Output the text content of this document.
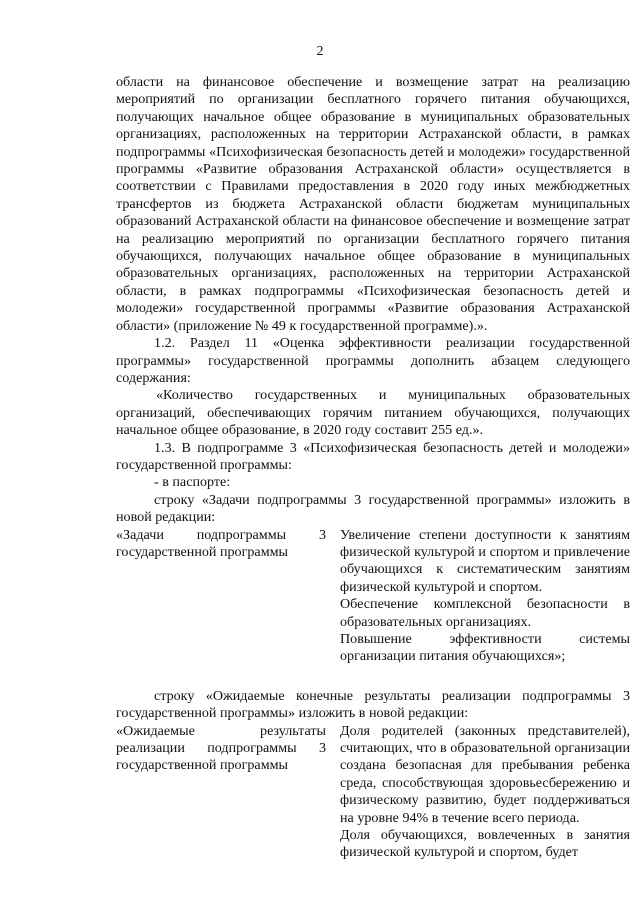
2

области на финансовое обеспечение и возмещение затрат на реализацию мероприятий по организации бесплатного горячего питания обучающихся, получающих начальное общее образование в муниципальных образовательных организациях, расположенных на территории Астраханской области, в рамках подпрограммы «Психофизическая безопасность детей и молодежи» государственной программы «Развитие образования Астраханской области» осуществляется в соответствии с Правилами предоставления в 2020 году иных межбюджетных трансфертов из бюджета Астраханской области бюджетам муниципальных образований Астраханской области на финансовое обеспечение и возмещение затрат на реализацию мероприятий по организации бесплатного горячего питания обучающихся, получающих начальное общее образование в муниципальных образовательных организациях, расположенных на территории Астраханской области, в рамках подпрограммы «Психофизическая безопасность детей и молодежи» государственной программы «Развитие образования Астраханской области» (приложение № 49 к государственной программе).».

1.2. Раздел 11 «Оценка эффективности реализации государственной программы» государственной программы дополнить абзацем следующего содержания:

«Количество государственных и муниципальных образовательных организаций, обеспечивающих горячим питанием обучающихся, получающих начальное общее образование, в 2020 году составит 255 ед.».

1.3. В подпрограмме 3 «Психофизическая безопасность детей и молодежи» государственной программы:

- в паспорте:

строку «Задачи подпрограммы 3 государственной программы» изложить в новой редакции:

«Задачи подпрограммы 3 государственной программы

Увеличение степени доступности к занятиям физической культурой и спортом и привлечение обучающихся к систематическим занятиям физической культурой и спортом.

Обеспечение комплексной безопасности в образовательных организациях.

Повышение эффективности системы организации питания обучающихся»;

строку «Ожидаемые конечные результаты реализации подпрограммы 3 государственной программы» изложить в новой редакции:

«Ожидаемые результаты реализации подпрограммы 3 государственной программы

Доля родителей (законных представителей), считающих, что в образовательной организации создана безопасная для пребывания ребенка среда, способствующая здоровьесбережению и физическому развитию, будет поддерживаться на уровне 94% в течение всего периода.

Доля обучающихся, вовлеченных в занятия физической культурой и спортом, будет
